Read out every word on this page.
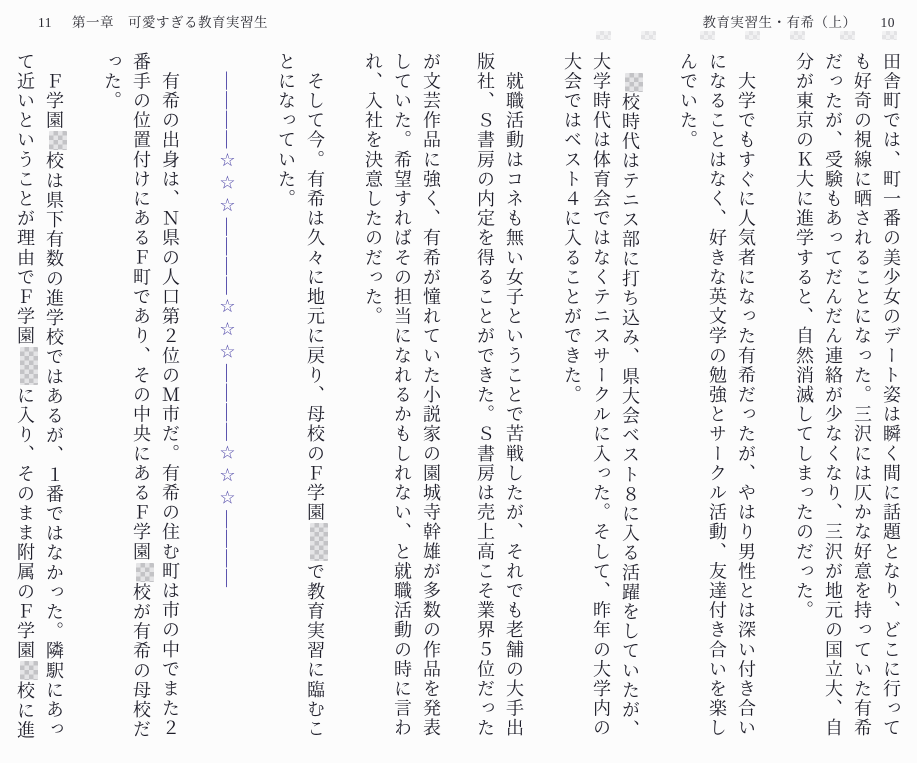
11 第一章　可愛すぎる教育実習生	教育実習生・有希（上） 10
が文芸作品に強く、有希が憧れていた小説家の園城寺幹雄が多数の作品を発表
していた。希望すればその担当になれるかもしれない、と就職活動の時に言わ
れ、入社を決意したのだった。
　そして今。有希は久々に地元に戻り、母校のＦ学園で教育実習に臨むこ
とになっていた。
　――――☆☆☆――――☆☆☆――――☆☆☆――――
　有希の出身は、Ｎ県の人口第２位のＭ市だ。有希の住む町は市の中でまた２
番手の位置付けにあるＦ町であり、その中央にあるＦ学園校が有希の母校だ
った。
　Ｆ学園校は県下有数の進学校ではあるが、１番ではなかった。隣駅にあっ
て近いということが理由でＦ学園に入り、そのまま附属のＦ学園校に進	田舎町では、町一番の美少女のデート姿は瞬く間に話題となり、どこに行って
も好奇の視線に晒されることになった。三沢には仄かな好意を持っていた有希
だったが、受験もあってだんだん連絡が少なくなり、三沢が地元の国立大、自
分が東京のＫ大に進学すると、自然消滅してしまったのだった。
　大学でもすぐに人気者になった有希だったが、やはり男性とは深い付き合い
になることはなく、好きな英文学の勉強とサークル活動、友達付き合いを楽し
んでいた。
　校時代はテニス部に打ち込み、県大会ベスト８に入る活躍をしていたが、
大学時代は体育会ではなくテニスサークルに入った。そして、昨年の大学内の
大会ではベスト４に入ることができた。
　就職活動はコネも無い女子ということで苦戦したが、それでも老舗の大手出
版社、Ｓ書房の内定を得ることができた。Ｓ書房は売上高こそ業界５位だった
